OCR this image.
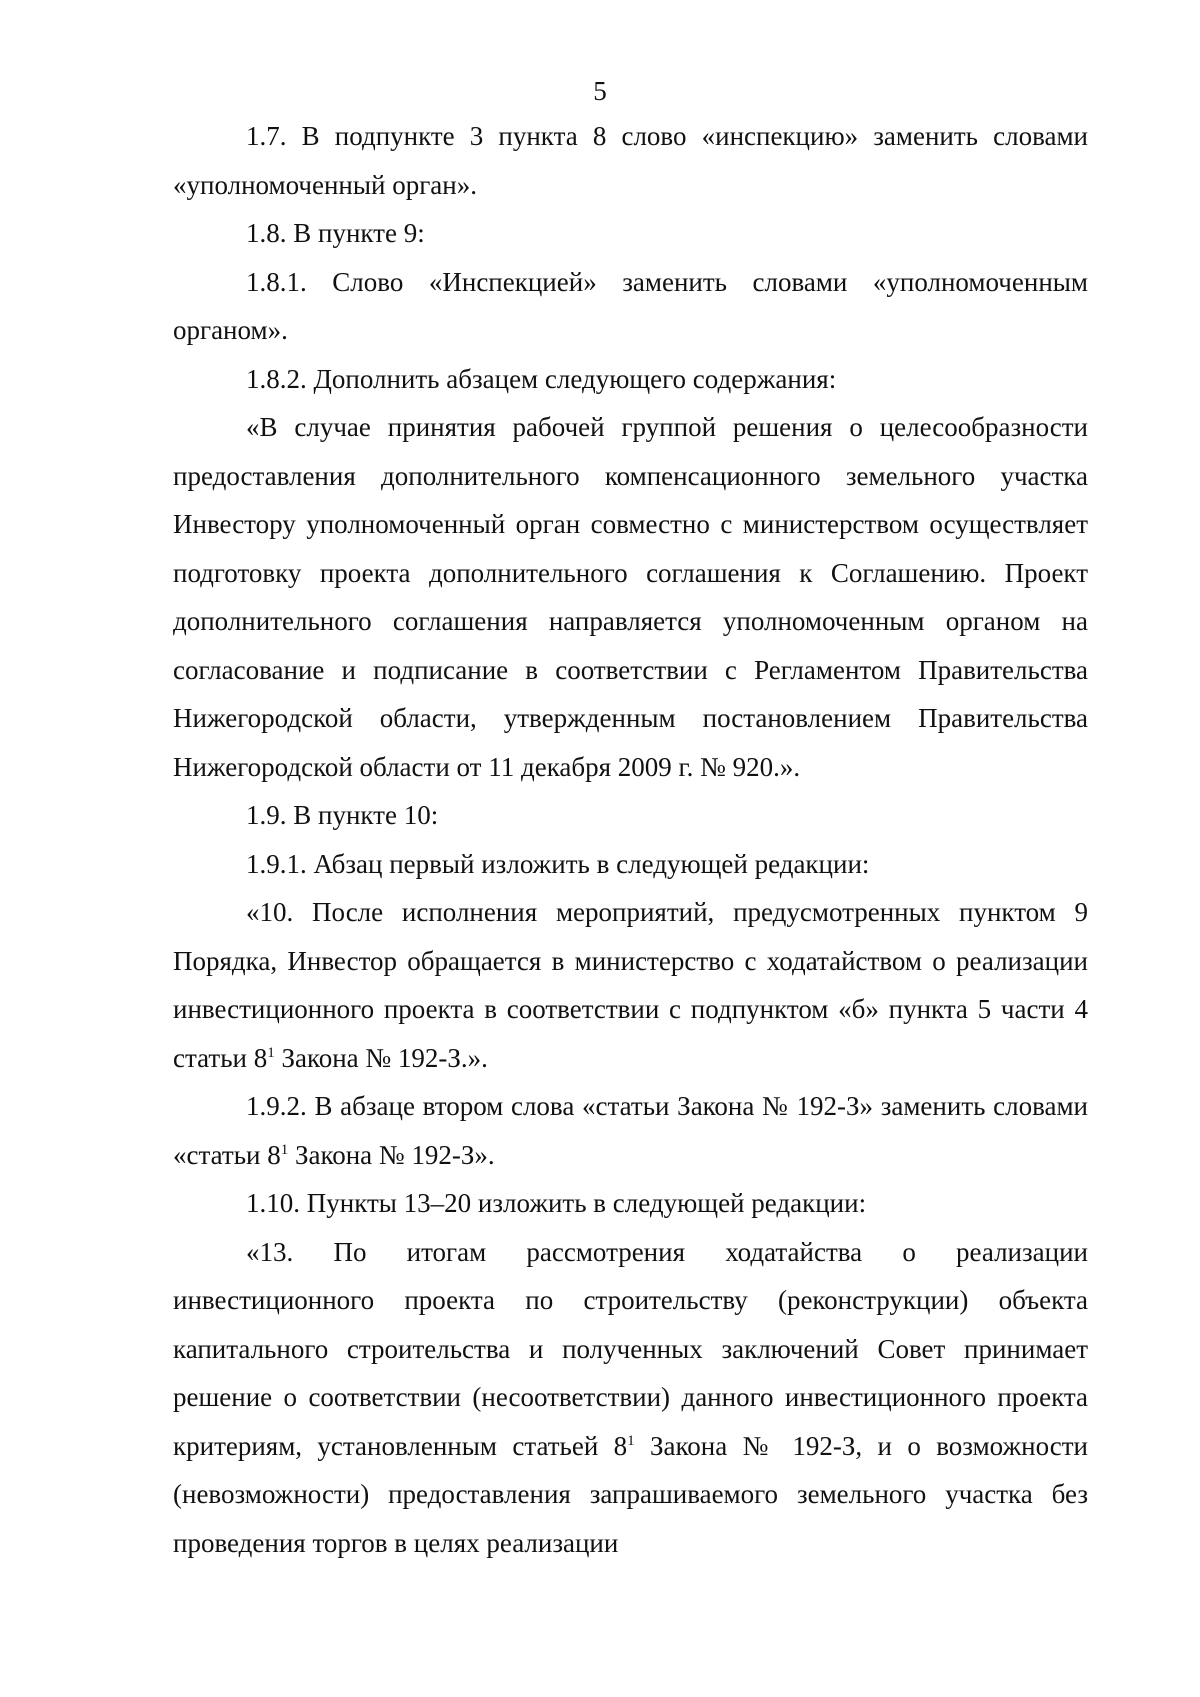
5

1.7. В подпункте 3 пункта 8 слово «инспекцию» заменить словами «уполномоченный орган».

1.8. В пункте 9:

1.8.1. Слово «Инспекцией» заменить словами «уполномоченным органом».

1.8.2. Дополнить абзацем следующего содержания:

«В случае принятия рабочей группой решения о целесообразности предоставления дополнительного компенсационного земельного участка Инвестору уполномоченный орган совместно с министерством осуществляет подготовку проекта дополнительного соглашения к Соглашению. Проект дополнительного соглашения направляется уполномоченным органом на согласование и подписание в соответствии с Регламентом Правительства Нижегородской области, утвержденным постановлением Правительства Нижегородской области от 11 декабря 2009 г. № 920.».

1.9. В пункте 10:

1.9.1. Абзац первый изложить в следующей редакции:

«10. После исполнения мероприятий, предусмотренных пунктом 9 Порядка, Инвестор обращается в министерство с ходатайством о реализации инвестиционного проекта в соответствии с подпунктом «б» пункта 5 части 4 статьи $8^1$ Закона № 192-З.».

1.9.2. В абзаце втором слова «статьи Закона № 192-З» заменить словами «статьи $8^1$ Закона № 192-З».

1.10. Пункты 13–20 изложить в следующей редакции:

«13. По итогам рассмотрения ходатайства о реализации инвестиционного проекта по строительству (реконструкции) объекта капитального строительства и полученных заключений Совет принимает решение о соответствии (несоответствии) данного инвестиционного проекта критериям, установленным статьей $8^1$ Закона № 192-З, и о возможности (невозможности) предоставления запрашиваемого земельного участка без проведения торгов в целях реализации
